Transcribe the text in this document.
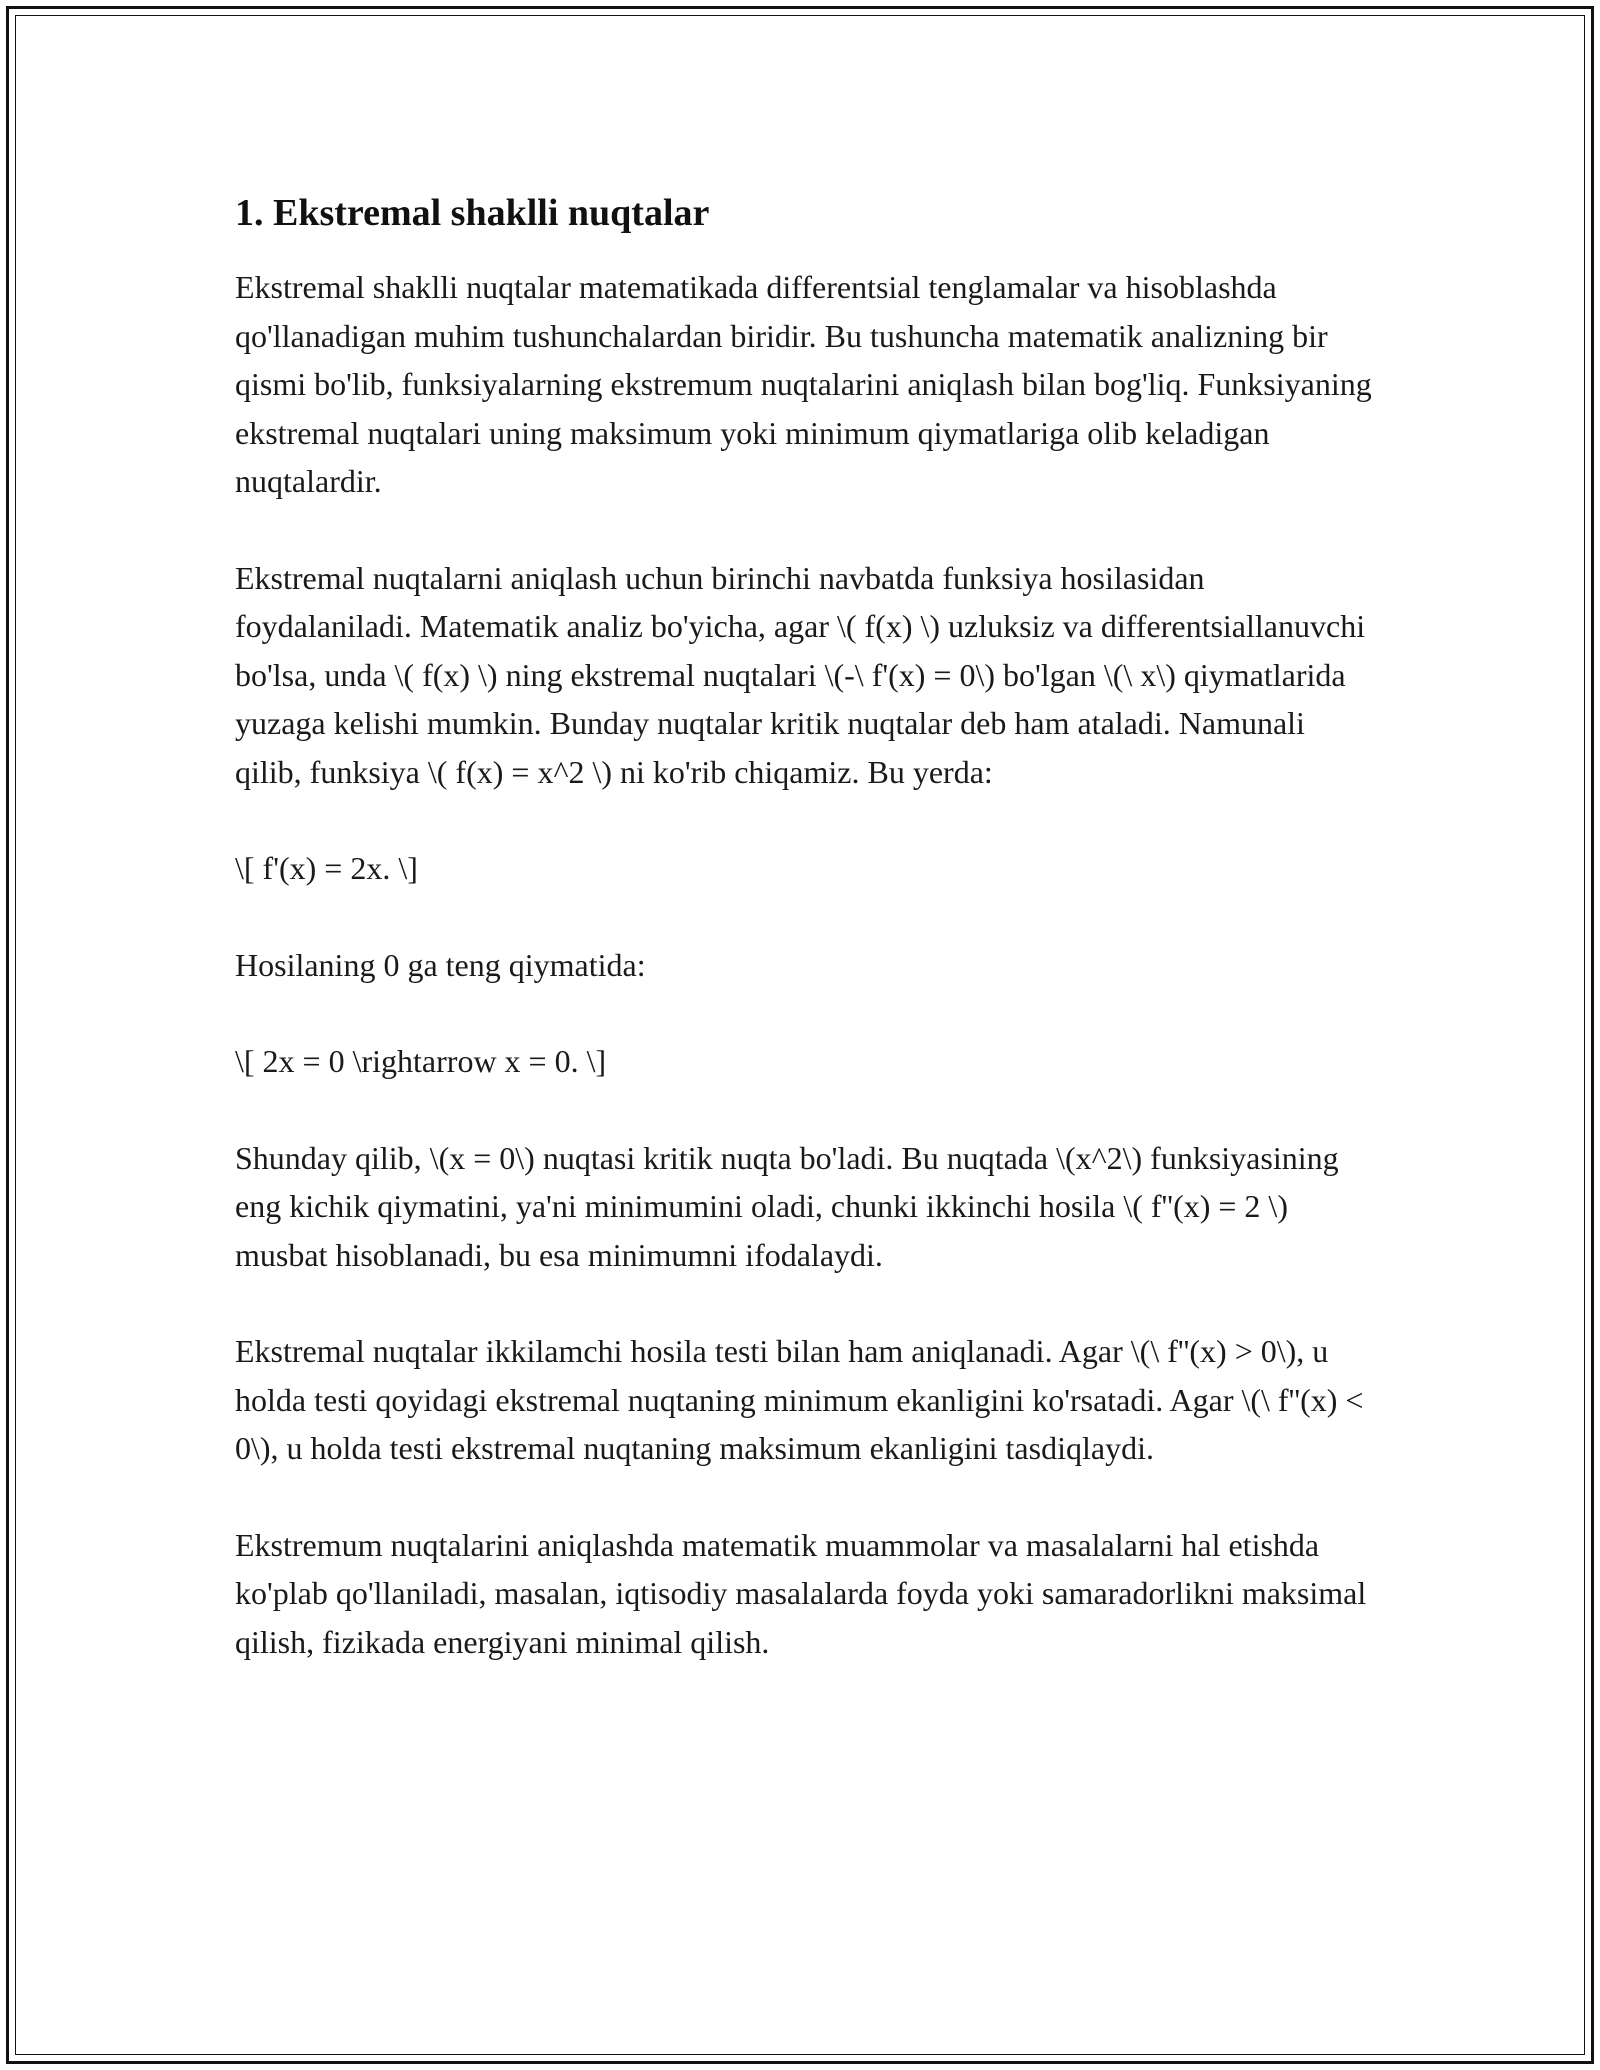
1. Ekstremal shaklli nuqtalar

Ekstremal shaklli nuqtalar matematikada differentsial tenglamalar va hisoblashda qo'llanadigan muhim tushunchalardan biridir. Bu tushuncha matematik analizning bir qismi bo'lib, funksiyalarning ekstremum nuqtalarini aniqlash bilan bog'liq. Funksiyaning ekstremal nuqtalari uning maksimum yoki minimum qiymatlariga olib keladigan nuqtalardir.

Ekstremal nuqtalarni aniqlash uchun birinchi navbatda funksiya hosilasidan foydalaniladi. Matematik analiz bo'yicha, agar \( f(x) \) uzluksiz va differentsiallanuvchi bo'lsa, unda \( f(x) \) ning ekstremal nuqtalari \(-\ f'(x) = 0\) bo'lgan \(\ x\) qiymatlarida yuzaga kelishi mumkin. Bunday nuqtalar kritik nuqtalar deb ham ataladi. Namunali qilib, funksiya \( f(x) = x^2 \) ni ko'rib chiqamiz. Bu yerda:

\[ f'(x) = 2x. \]

Hosilaning 0 ga teng qiymatida:

\[ 2x = 0 \rightarrow x = 0. \]

Shunday qilib, \(x = 0\) nuqtasi kritik nuqta bo'ladi. Bu nuqtada \(x^2\) funksiyasining eng kichik qiymatini, ya'ni minimumini oladi, chunki ikkinchi hosila \( f''(x) = 2 \) musbat hisoblanadi, bu esa minimumni ifodalaydi.

Ekstremal nuqtalar ikkilamchi hosila testi bilan ham aniqlanadi. Agar \(\ f''(x) > 0\), u holda testi qoyidagi ekstremal nuqtaning minimum ekanligini ko'rsatadi. Agar \(\ f''(x) < 0\), u holda testi ekstremal nuqtaning maksimum ekanligini tasdiqlaydi.

Ekstremum nuqtalarini aniqlashda matematik muammolar va masalalarni hal etishda ko'plab qo'llaniladi, masalan, iqtisodiy masalalarda foyda yoki samaradorlikni maksimal qilish, fizikada energiyani minimal qilish.
